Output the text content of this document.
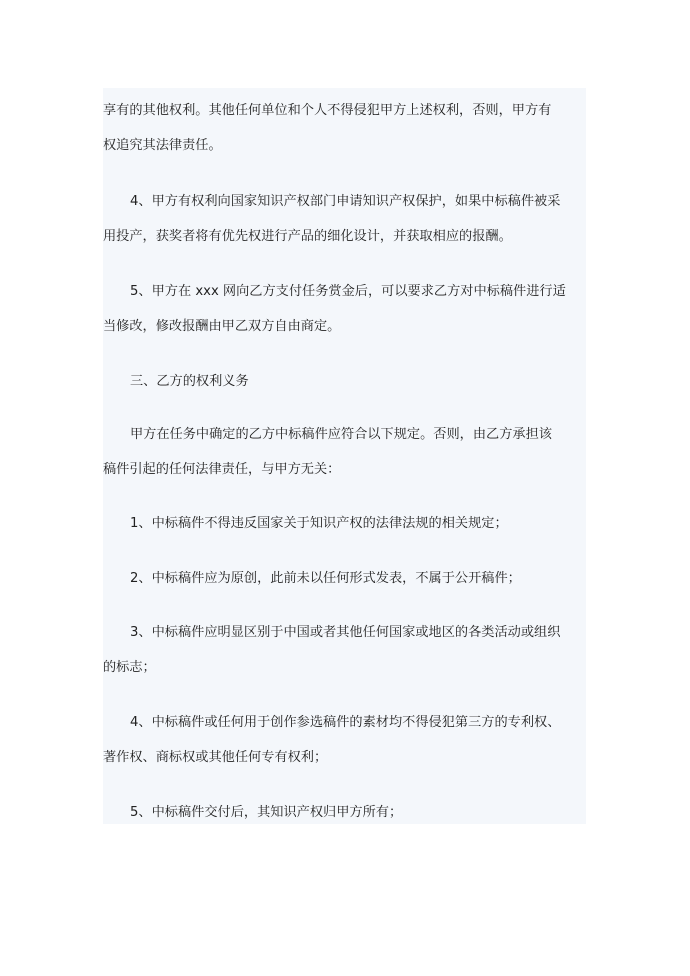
享有的其他权利。其他任何单位和个人不得侵犯甲方上述权利，否则，甲方有
权追究其法律责任。

4、甲方有权利向国家知识产权部门申请知识产权保护，如果中标稿件被采
用投产，获奖者将有优先权进行产品的细化设计，并获取相应的报酬。

5、甲方在 xxx 网向乙方支付任务赏金后，可以要求乙方对中标稿件进行适
当修改，修改报酬由甲乙双方自由商定。

三、乙方的权利义务

甲方在任务中确定的乙方中标稿件应符合以下规定。否则，由乙方承担该
稿件引起的任何法律责任，与甲方无关：

1、中标稿件不得违反国家关于知识产权的法律法规的相关规定；

2、中标稿件应为原创，此前未以任何形式发表，不属于公开稿件；

3、中标稿件应明显区别于中国或者其他任何国家或地区的各类活动或组织
的标志；

4、中标稿件或任何用于创作参选稿件的素材均不得侵犯第三方的专利权、
著作权、商标权或其他任何专有权利；

5、中标稿件交付后，其知识产权归甲方所有；
